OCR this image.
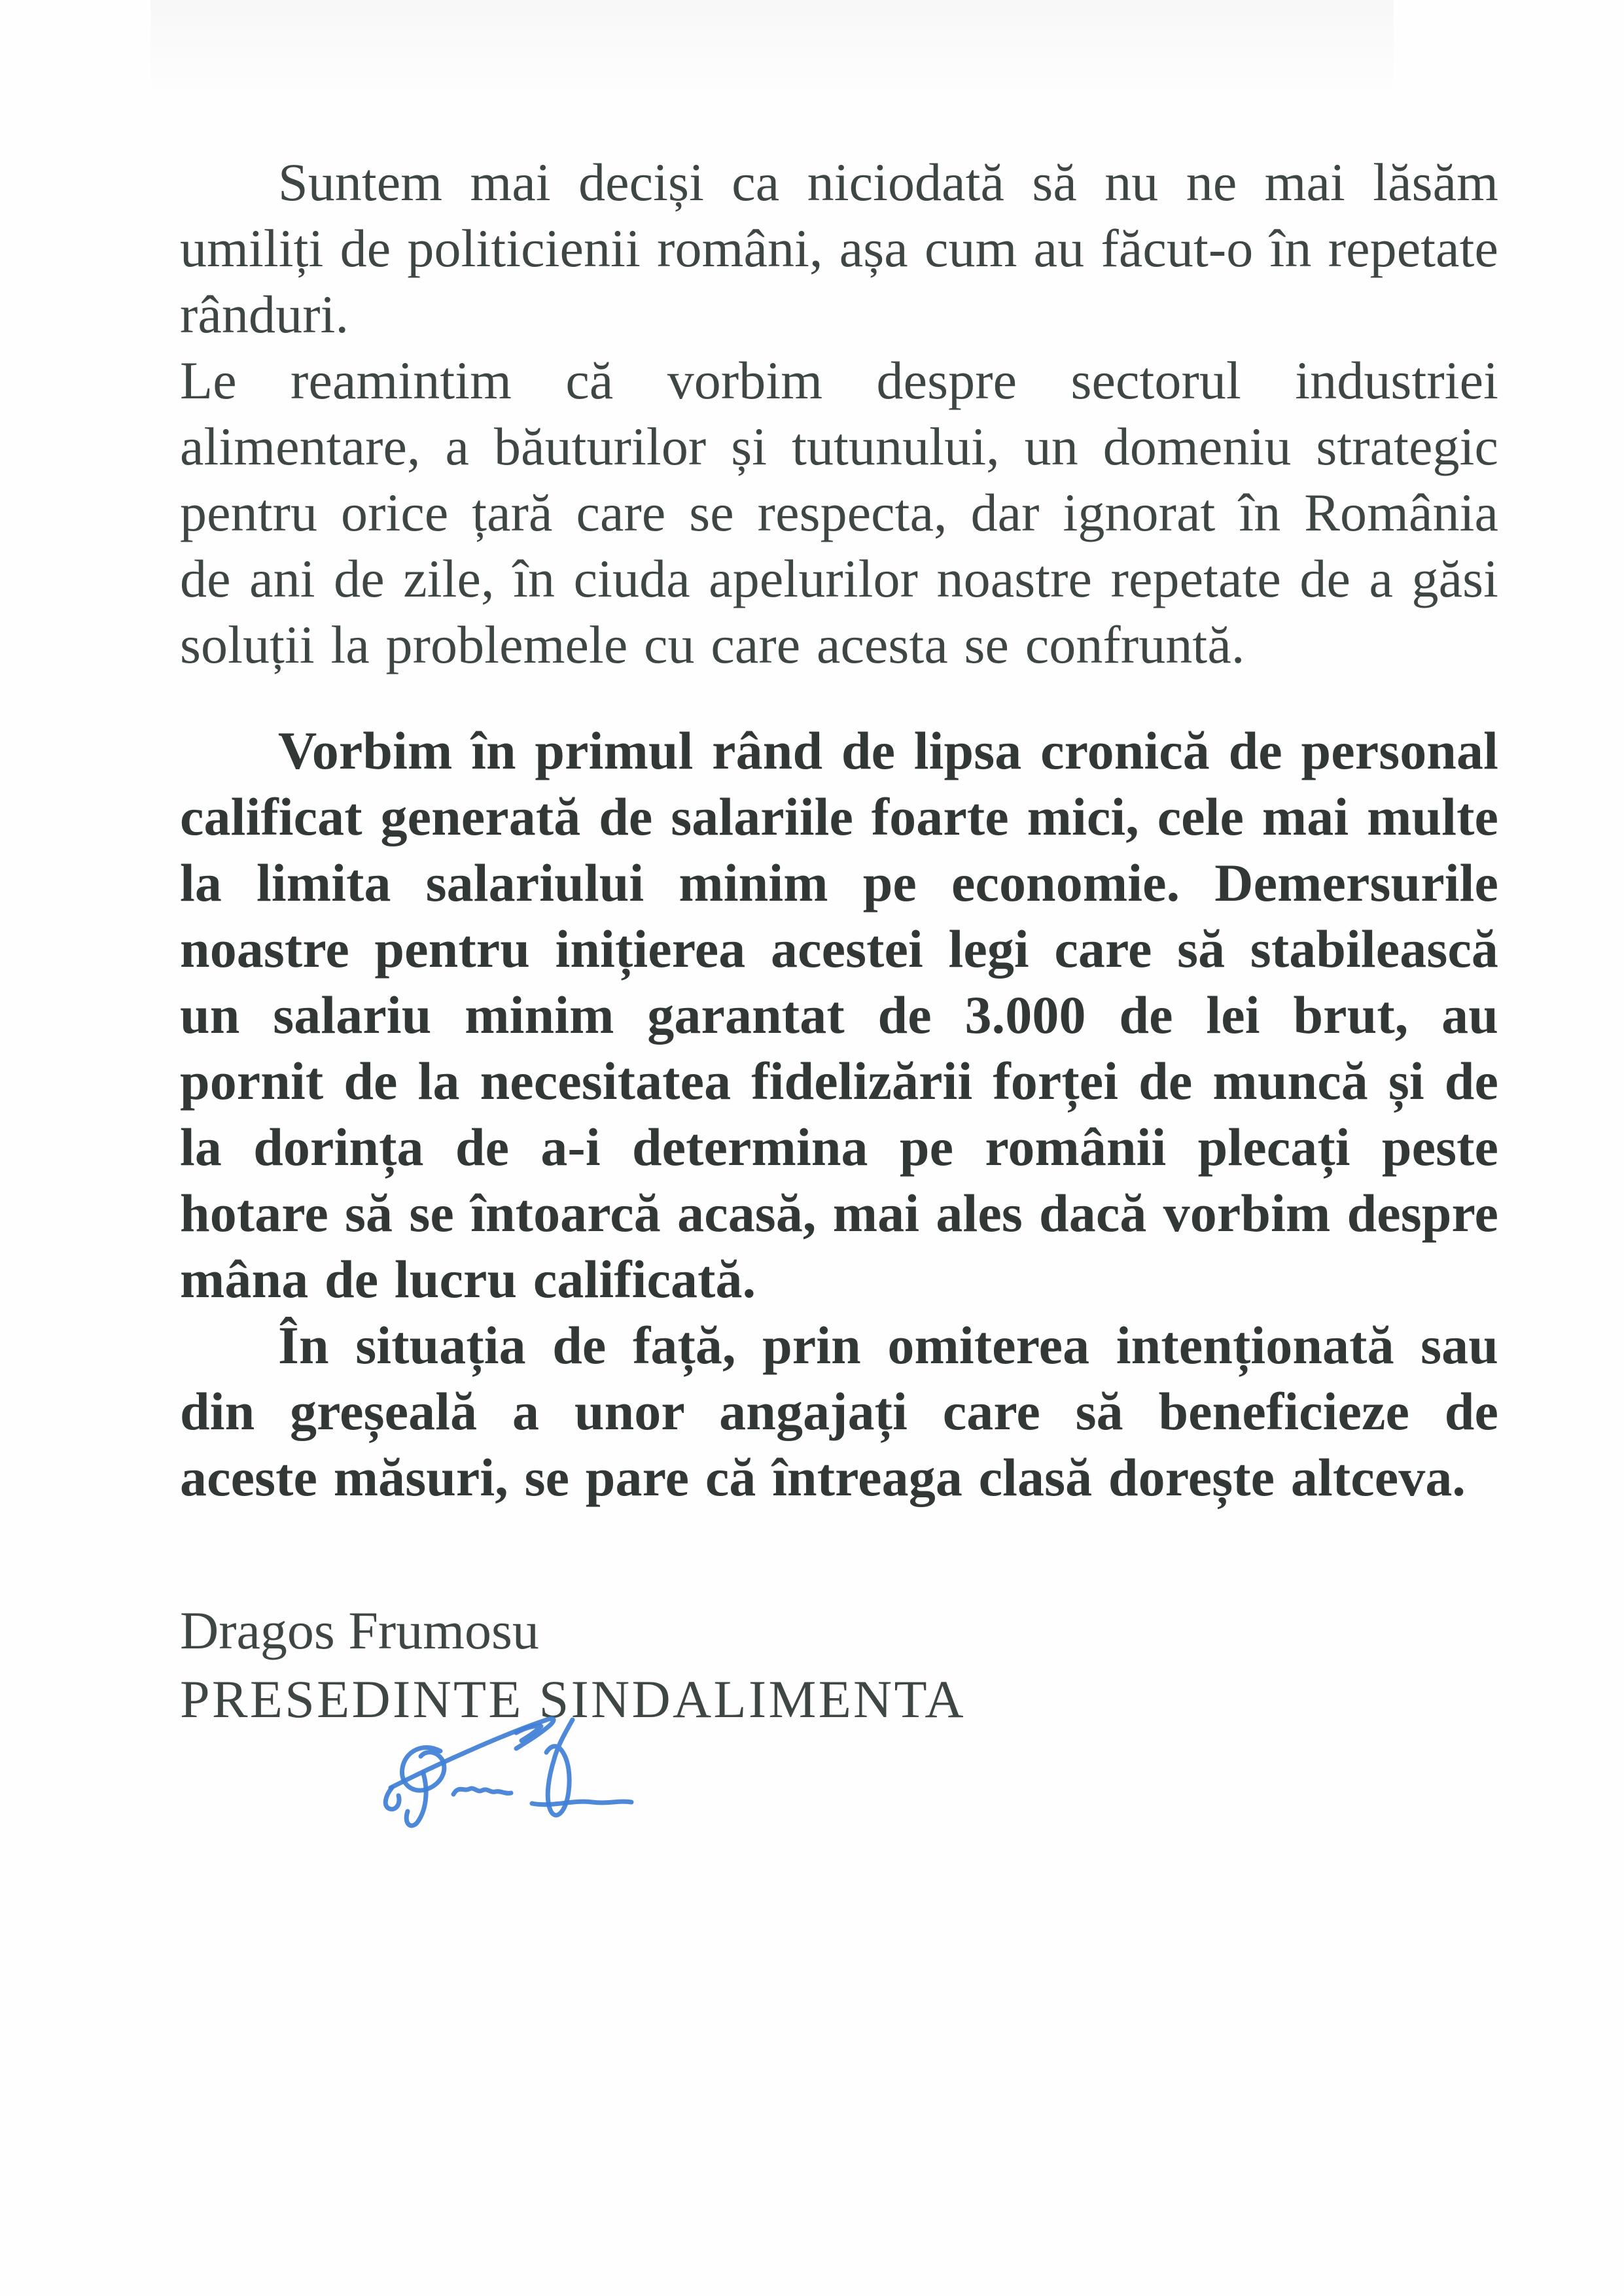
Suntem mai deciși ca niciodată să nu ne mai lăsăm umiliți de politicienii români, așa cum au făcut-o în repetate rânduri.

Le reamintim că vorbim despre sectorul industriei alimentare, a băuturilor și tutunului, un domeniu strategic pentru orice țară care se respecta, dar ignorat în România de ani de zile, în ciuda apelurilor noastre repetate de a găsi soluții la problemele cu care acesta se confruntă.

Vorbim în primul rând de lipsa cronică de personal calificat generată de salariile foarte mici, cele mai multe la limita salariului minim pe economie. Demersurile noastre pentru inițierea acestei legi care să stabilească un salariu minim garantat de 3.000 de lei brut, au pornit de la necesitatea fidelizării forței de muncă și de la dorința de a-i determina pe românii plecați peste hotare să se întoarcă acasă, mai ales dacă vorbim despre mâna de lucru calificată.

În situația de față, prin omiterea intenționată sau din greșeală a unor angajați care să beneficieze de aceste măsuri, se pare că întreaga clasă dorește altceva.

Dragos Frumosu
PRESEDINTE SINDALIMENTA
